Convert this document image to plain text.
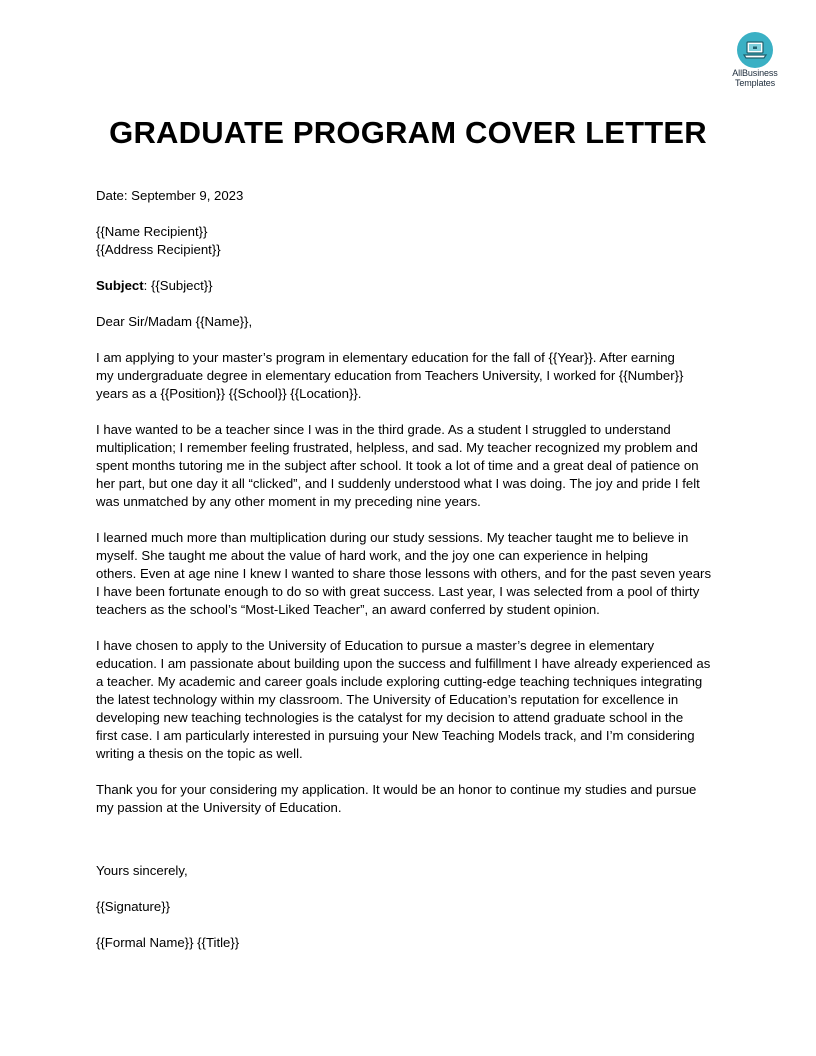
AllBusiness
Templates
GRADUATE PROGRAM COVER LETTER

Date: September 9, 2023

{{Name Recipient}}

{{Address Recipient}}

Subject: {{Subject}}

Dear Sir/Madam {{Name}},

I am applying to your master’s program in elementary education for the fall of {{Year}}. After earning

my undergraduate degree in elementary education from Teachers University, I worked for {{Number}}

years as a {{Position}} {{School}} {{Location}}.

I have wanted to be a teacher since I was in the third grade. As a student I struggled to understand

multiplication; I remember feeling frustrated, helpless, and sad. My teacher recognized my problem and

spent months tutoring me in the subject after school. It took a lot of time and a great deal of patience on

her part, but one day it all “clicked”, and I suddenly understood what I was doing. The joy and pride I felt

was unmatched by any other moment in my preceding nine years.

I learned much more than multiplication during our study sessions. My teacher taught me to believe in

myself. She taught me about the value of hard work, and the joy one can experience in helping

others. Even at age nine I knew I wanted to share those lessons with others, and for the past seven years

I have been fortunate enough to do so with great success. Last year, I was selected from a pool of thirty

teachers as the school’s “Most-Liked Teacher”, an award conferred by student opinion.

I have chosen to apply to the University of Education to pursue a master’s degree in elementary

education. I am passionate about building upon the success and fulfillment I have already experienced as

a teacher. My academic and career goals include exploring cutting-edge teaching techniques integrating

the latest technology within my classroom. The University of Education’s reputation for excellence in

developing new teaching technologies is the catalyst for my decision to attend graduate school in the

first case. I am particularly interested in pursuing your New Teaching Models track, and I’m considering

writing a thesis on the topic as well.

Thank you for your considering my application. It would be an honor to continue my studies and pursue

my passion at the University of Education.

Yours sincerely,

{{Signature}}

{{Formal Name}} {{Title}}
